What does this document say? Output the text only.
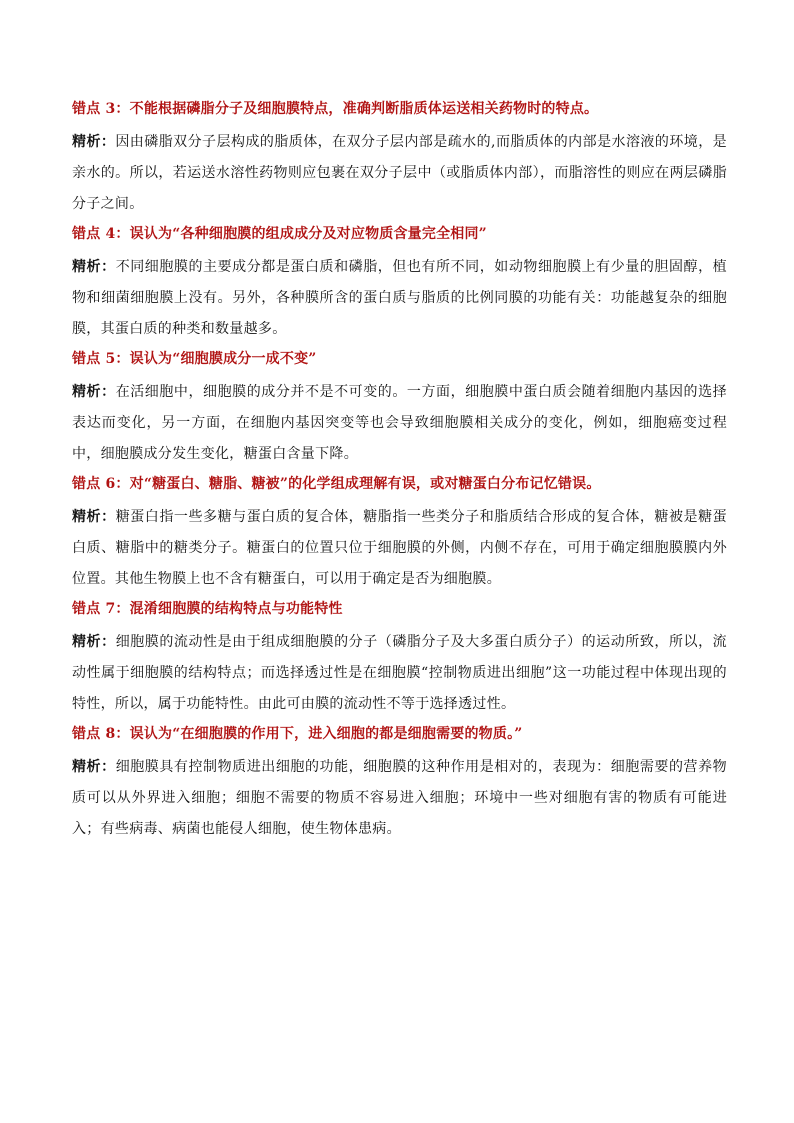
错点 3：不能根据磷脂分子及细胞膜特点，准确判断脂质体运送相关药物时的特点。

精析 ： 因由磷脂双分子层构成的脂质体，在双分子层内部是疏水的,而脂质体的内部是水溶液的环境，是亲水的。所以，若运送水溶性药物则应包裹在双分子层中（或脂质体内部），而脂溶性的则应在两层磷脂分子之间。

错点 4：误认为“各种细胞膜的组成成分及对应物质含量完全相同”

精析 ： 不同细胞膜的主要成分都是蛋白质和磷脂，但也有所不同，如动物细胞膜上有少量的胆固醇，植物和细菌细胞膜上没有。另外，各种膜所含的蛋白质与脂质的比例同膜的功能有关：功能越复杂的细胞膜，其蛋白质的种类和数量越多。

错点 5：误认为“细胞膜成分一成不变”

精析 ： 在活细胞中，细胞膜的成分并不是不可变的。一方面，细胞膜中蛋白质会随着细胞内基因的选择表达而变化，另一方面，在细胞内基因突变等也会导致细胞膜相关成分的变化，例如，细胞癌变过程中，细胞膜成分发生变化，糖蛋白含量下降。

错点 6：对“糖蛋白、糖脂、糖被”的化学组成理解有误，或对糖蛋白分布记忆错误。

精析 ： 糖蛋白指一些多糖与蛋白质的复合体，糖脂指一些类分子和脂质结合形成的复合体，糖被是糖蛋白质、糖脂中的糖类分子。糖蛋白的位置只位于细胞膜的外侧，内侧不存在，可用于确定细胞膜膜内外位置。其他生物膜上也不含有糖蛋白，可以用于确定是否为细胞膜。

错点 7：混淆细胞膜的结构特点与功能特性

精析 ： 细胞膜的流动性是由于组成细胞膜的分子（磷脂分子及大多蛋白质分子）的运动所致，所以，流动性属于细胞膜的结构特点；而选择透过性是在细胞膜“控制物质进出细胞”这一功能过程中体现出现的特性，所以，属于功能特性。由此可由膜的流动性不等于选择透过性。

错点 8：误认为“在细胞膜的作用下，进入细胞的都是细胞需要的物质。”

精析 ： 细胞膜具有控制物质进出细胞的功能，细胞膜的这种作用是相对的，表现为：细胞需要的营养物质可以从外界进入细胞；细胞不需要的物质不容易进入细胞；环境中一些对细胞有害的物质有可能进入；有些病毒、病菌也能侵人细胞，使生物体患病。
